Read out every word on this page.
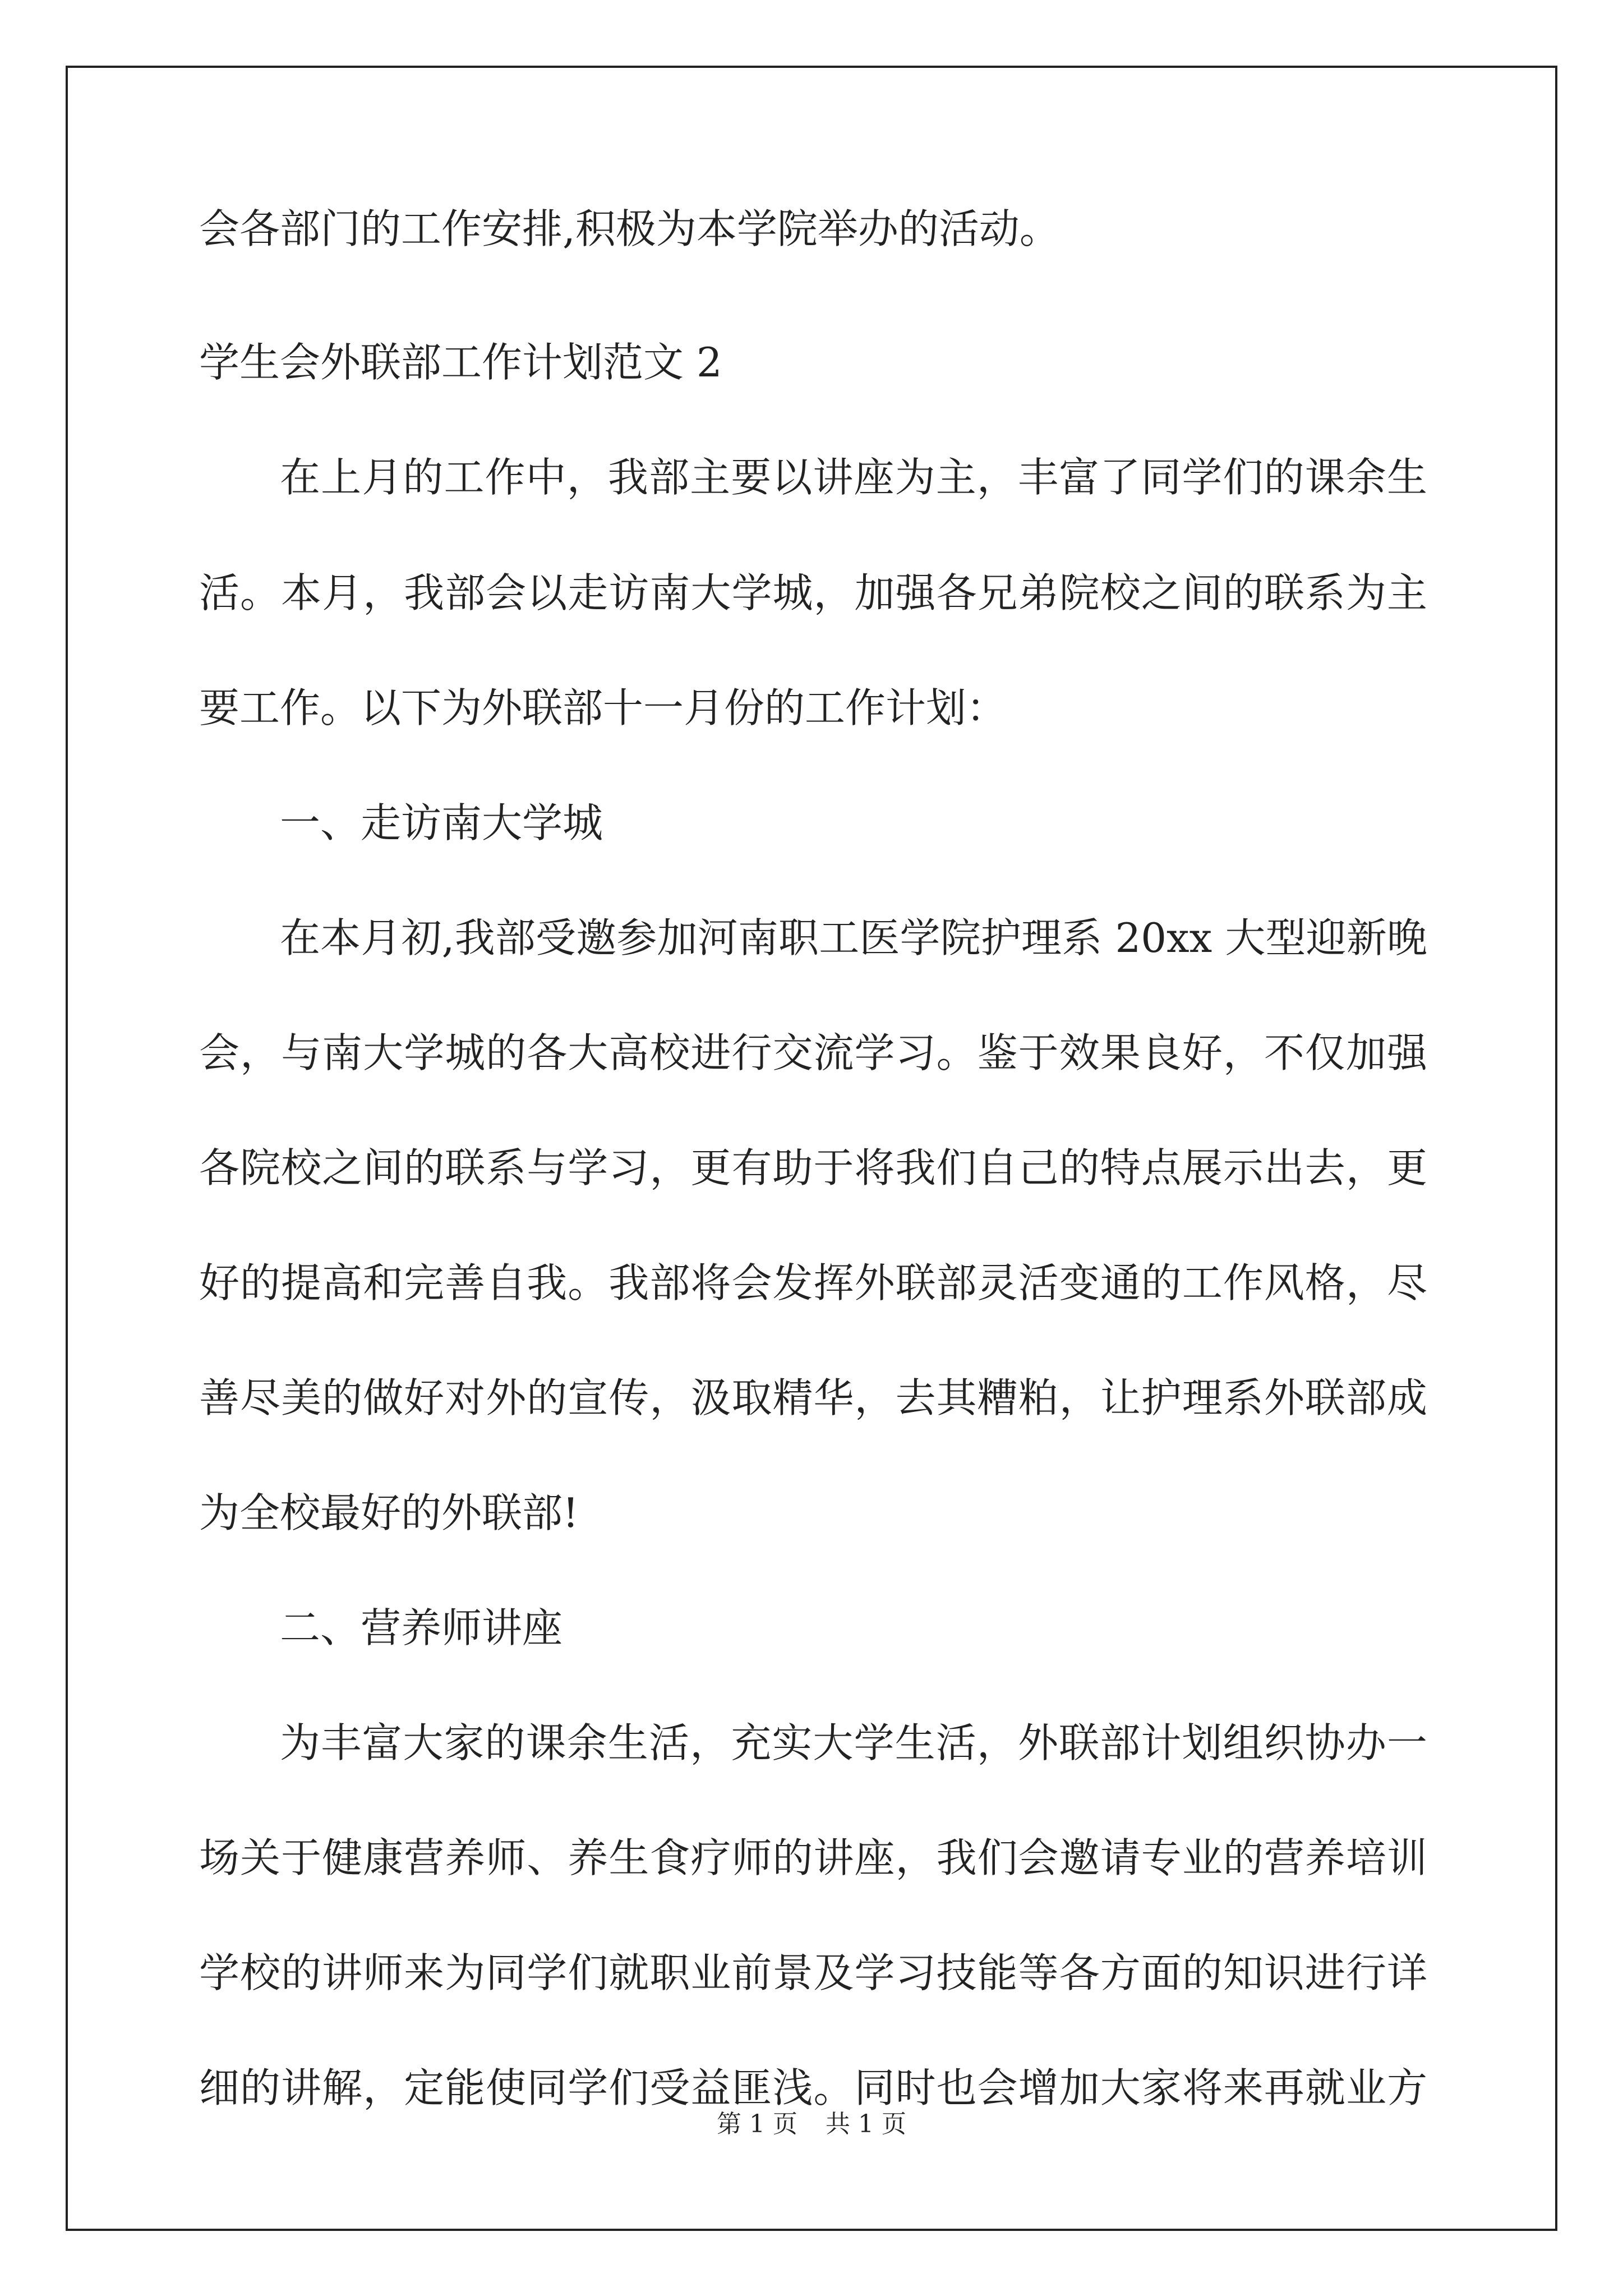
会各部门的工作安排,积极为本学院举办的活动。
学生会外联部工作计划范文 2
在上月的工作中，我部主要以讲座为主，丰富了同学们的课余生
活。本月，我部会以走访南大学城，加强各兄弟院校之间的联系为主
要工作。以下为外联部十一月份的工作计划：
一、走访南大学城
在本月初,我部受邀参加河南职工医学院护理系 20xx 大型迎新晚
会，与南大学城的各大高校进行交流学习。鉴于效果良好，不仅加强
各院校之间的联系与学习，更有助于将我们自己的特点展示出去，更
好的提高和完善自我。我部将会发挥外联部灵活变通的工作风格，尽
善尽美的做好对外的宣传，汲取精华，去其糟粕，让护理系外联部成
为全校最好的外联部!
二、营养师讲座
为丰富大家的课余生活，充实大学生活，外联部计划组织协办一
场关于健康营养师、养生食疗师的讲座，我们会邀请专业的营养培训
学校的讲师来为同学们就职业前景及学习技能等各方面的知识进行详
细的讲解，定能使同学们受益匪浅。同时也会增加大家将来再就业方
第 1 页 共 1 页
